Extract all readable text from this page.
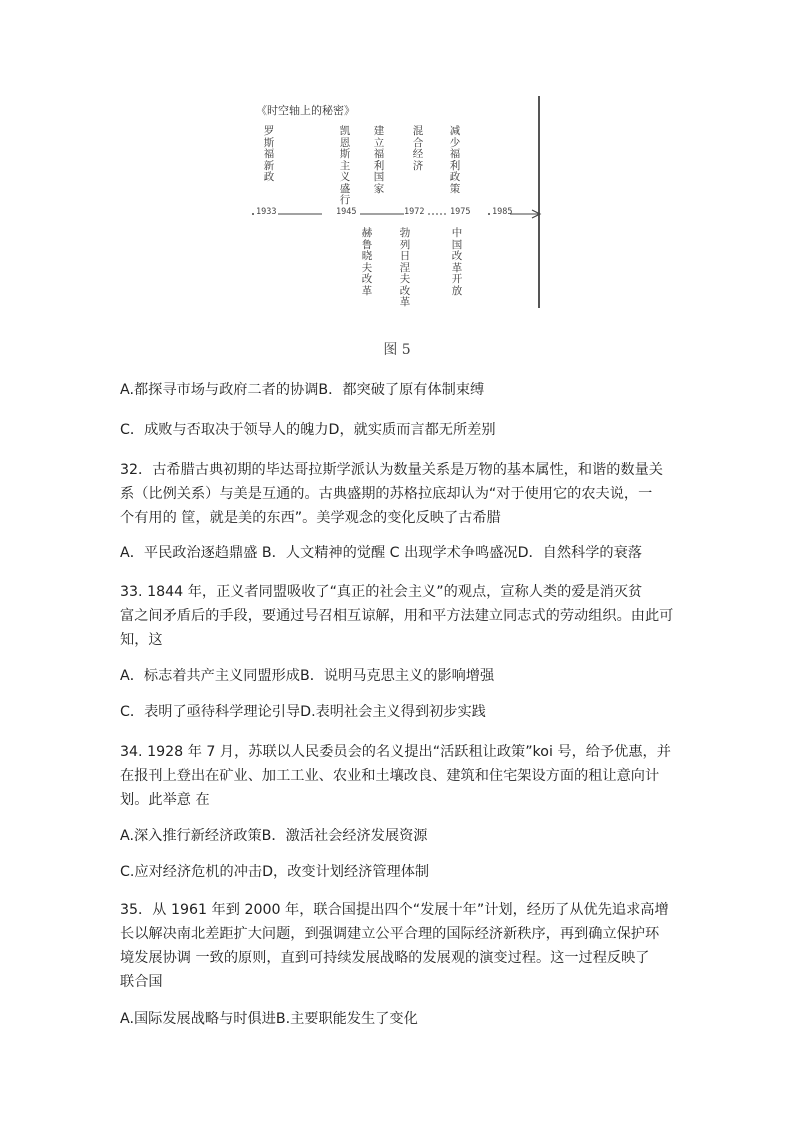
《时空轴上的秘密》
罗斯福新政
凯恩斯主义盛行
建立福利国家
混合经济
减少福利政策
1933	1945	1972	1975	1985
赫鲁晓夫改革
勃列日涅夫改革
中国改革开放
图 5
A.都探寻市场与政府二者的协调B．都突破了原有体制束缚
C．成败与否取决于领导人的魄力D，就实质而言都无所差别
32．古希腊古典初期的毕达哥拉斯学派认为数量关系是万物的基本属性，和谐的数量关
系（比例关系）与美是互通的。古典盛期的苏格拉底却认为“对于使用它的农夫说，一
个有用的 筐，就是美的东西”。美学观念的变化反映了古希腊
A．平民政治逐趋鼎盛 B．人文精神的觉醒 C 出现学术争鸣盛况D．自然科学的衰落
33. 1844 年，正义者同盟吸收了“真正的社会主义”的观点，宣称人类的爱是消灭贫
富之间矛盾后的手段，要通过号召相互谅解，用和平方法建立同志式的劳动组织。由此可
知，这
A．标志着共产主义同盟形成B．说明马克思主义的影响增强
C．表明了亟待科学理论引导D.表明社会主义得到初步实践
34. 1928 年 7 月，苏联以人民委员会的名义提出“活跃租让政策”koi 号，给予优惠，并
在报刊上登出在矿业、加工工业、农业和土壤改良、建筑和住宅架设方面的租让意向计
划。此举意 在
A.深入推行新经济政策B．激活社会经济发展资源
C.应对经济危机的冲击D，改变计划经济管理体制
35．从 1961 年到 2000 年，联合国提出四个“发展十年”计划，经历了从优先追求高增
长以解决南北差距扩大问题，到强调建立公平合理的国际经济新秩序，再到确立保护环
境发展协调 一致的原则，直到可持续发展战略的发展观的演变过程。这一过程反映了
联合国
A.国际发展战略与时俱进B.主要职能发生了变化
